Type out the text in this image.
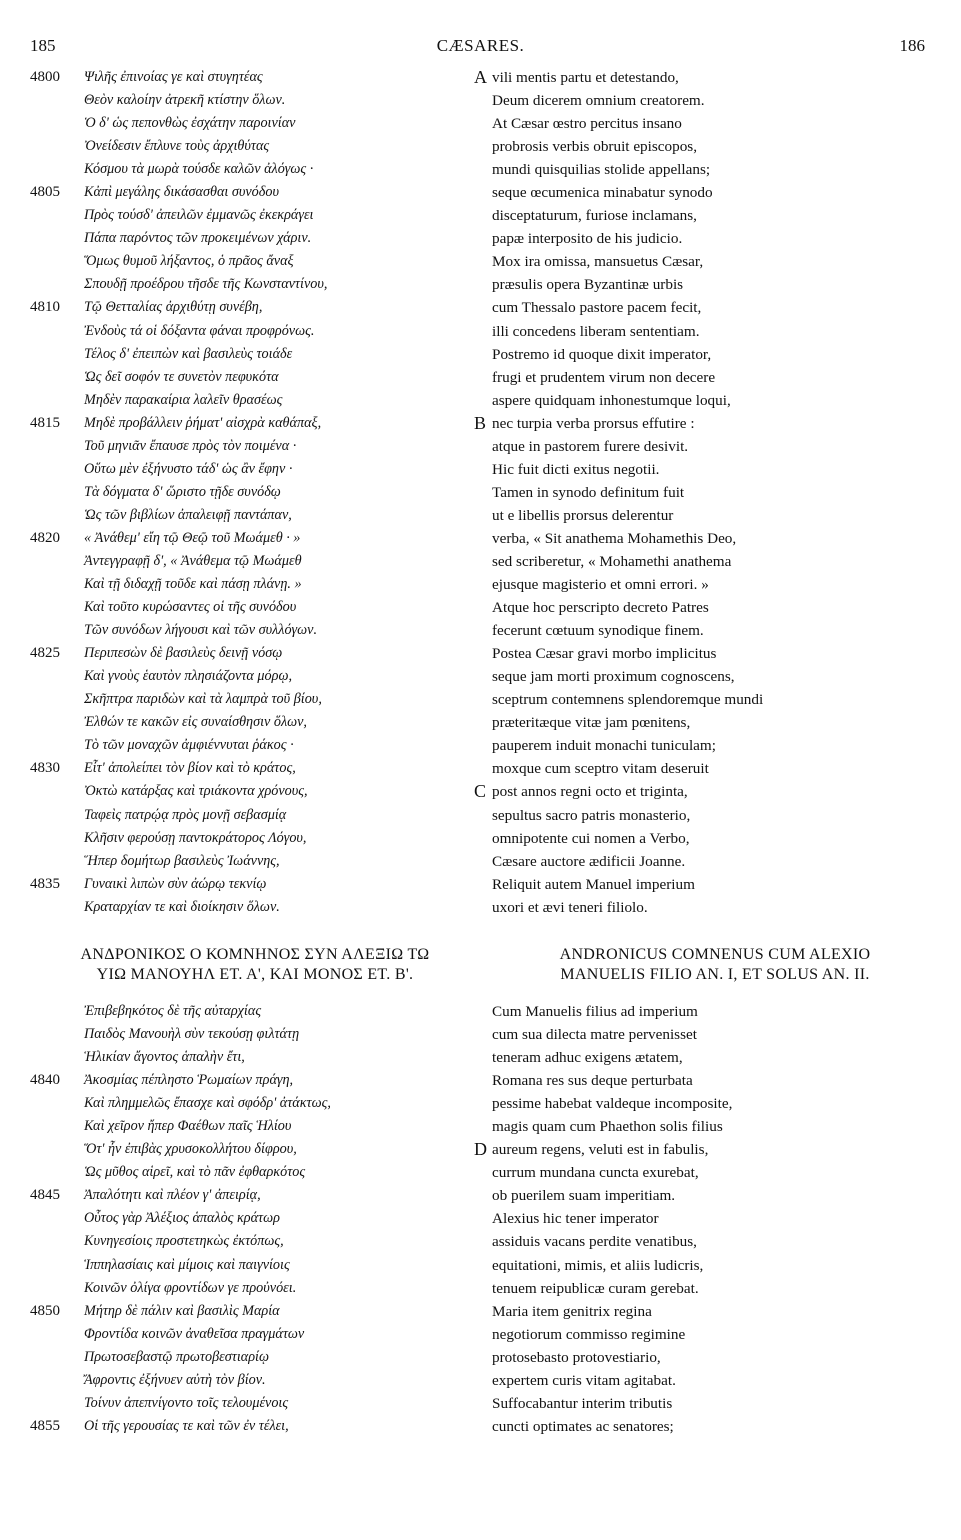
185	CÆSARES.	186
4800	Ψιλῆς ἐπινοίας γε καὶ στυγητέας
Θεὸν καλοίην ἀτρεκῆ κτίστην ὅλων.
Ὁ δ' ὡς πεπονθὼς ἐσχάτην παροινίαν
Ὀνείδεσιν ἔπλυνε τοὺς ἀρχιθύτας
Κόσμου τὰ μωρὰ τούσδε καλῶν ἀλόγως ·
4805	Κἀπὶ μεγάλης δικάσασθαι συνόδου
Πρὸς τούσδ' ἀπειλῶν ἐμμανῶς ἐκεκράγει
Πάπα παρόντος τῶν προκειμένων χάριν.
Ὅμως θυμοῦ λήξαντος, ὁ πρᾶος ἄναξ
Σπουδῇ προέδρου τῆσδε τῆς Κωνσταντίνου,
4810	Τῷ Θετταλίας ἀρχιθύτῃ συνέβη,
Ἐνδοὺς τά οἱ δόξαντα φάναι προφρόνως.
Τέλος δ' ἐπειπὼν καὶ βασιλεὺς τοιάδε
Ὡς δεῖ σοφόν τε συνετὸν πεφυκότα
Μηδὲν παρακαίρια λαλεῖν θρασέως
4815	Μηδὲ προβάλλειν ῥήματ' αἰσχρὰ καθάπαξ,
Τοῦ μηνιᾶν ἔπαυσε πρὸς τὸν ποιμένα ·
Οὕτω μὲν ἐξήνυστο τάδ' ὡς ἂν ἔφην ·
Τὰ δόγματα δ' ὥριστο τῇδε συνόδῳ
Ὡς τῶν βιβλίων ἀπαλειφῇ παντάπαν,
4820	« Ἀνάθεμ' εἴη τῷ Θεῷ τοῦ Μωάμεθ · »
Ἀντεγγραφῇ δ', « Ἀνάθεμα τῷ Μωάμεθ
Καὶ τῇ διδαχῇ τοῦδε καὶ πάσῃ πλάνῃ. »
Καὶ τοῦτο κυρώσαντες οἱ τῆς συνόδου
Τῶν συνόδων λήγουσι καὶ τῶν συλλόγων.
4825	Περιπεσὼν δὲ βασιλεὺς δεινῇ νόσῳ
Καὶ γνοὺς ἑαυτὸν πλησιάζοντα μόρῳ,
Σκῆπτρα παριδὼν καὶ τὰ λαμπρὰ τοῦ βίου,
Ἐλθών τε κακῶν εἰς συναίσθησιν ὅλων,
Τὸ τῶν μοναχῶν ἀμφιέννυται ῥάκος ·
4830	Εἶτ' ἀπολείπει τὸν βίον καὶ τὸ κράτος,
Ὀκτὼ κατάρξας καὶ τριάκοντα χρόνους,
Ταφεὶς πατρῴᾳ πρὸς μονῇ σεβασμίᾳ
Κλῆσιν φερούσῃ παντοκράτορος Λόγου,
Ἥπερ δομήτωρ βασιλεὺς Ἰωάννης,
4835	Γυναικὶ λιπὼν σὺν ἀώρῳ τεκνίῳ
Κραταρχίαν τε καὶ διοίκησιν ὅλων.
A vili mentis partu et detestando,
Deum dicerem omnium creatorem.
At Cæsar œstro percitus insano
probrosis verbis obruit episcopos,
mundi quisquilias stolide appellans;
seque œcumenica minabatur synodo
disceptaturum, furiose inclamans,
papæ interposito de his judicio.
Mox ira omissa, mansuetus Cæsar,
præsulis opera Byzantinæ urbis
cum Thessalo pastore pacem fecit,
illi concedens liberam sententiam.
Postremo id quoque dixit imperator,
frugi et prudentem virum non decere
aspere quidquam inhonestumque loqui,
B nec turpia verba prorsus effutire :
atque in pastorem furere desivit.
Hic fuit dicti exitus negotii.
Tamen in synodo definitum fuit
ut e libellis prorsus delerentur
verba, « Sit anathema Mohamethis Deo,
sed scriberetur, « Mohamethi anathema
ejusque magisterio et omni errori. »
Atque hoc perscripto decreto Patres
fecerunt cœtuum synodique finem.
Postea Cæsar gravi morbo implicitus
seque jam morti proximum cognoscens,
sceptrum contemnens splendoremque mundi
præteritæque vitæ jam pœnitens,
pauperem induit monachi tuniculam;
moxque cum sceptro vitam deseruit
C post annos regni octo et triginta,
sepultus sacro patris monasterio,
omnipotente cui nomen a Verbo,
Cæsare auctore ædificii Joanne.
Reliquit autem Manuel imperium
uxori et ævi teneri filiolo.
ΑΝΔΡΟΝΙΚΟΣ Ο ΚΟΜΝΗΝΟΣ ΣΥΝ ΑΛΕΞΙΩ ΤΩ
ΥΙΩ ΜΑΝΟΥΗΛ ΕΤ. Α', ΚΑΙ ΜΟΝΟΣ ΕΤ. Β'.
ANDRONICUS COMNENUS CUM ALEXIO
MANUELIS FILIO AN. I, ET SOLUS AN. II.
Ἐπιβεβηκότος δὲ τῆς αὐταρχίας
Παιδὸς Μανουὴλ σὺν τεκούσῃ φιλτάτῃ
Ἡλικίαν ἄγοντος ἁπαλὴν ἔτι,
4840	Ἀκοσμίας πέπληστο Ῥωμαίων πράγη,
Καὶ πλημμελῶς ἔπασχε καὶ σφόδρ' ἀτάκτως,
Καὶ χεῖρον ἤπερ Φαέθων παῖς Ἡλίου
Ὅτ' ἦν ἐπιβὰς χρυσοκολλήτου δίφρου,
Ὡς μῦθος αἱρεῖ, καὶ τὸ πᾶν ἐφθαρκότος
4845	Ἀπαλότητι καὶ πλέον γ' ἀπειρίᾳ,
Οὗτος γὰρ Ἀλέξιος ἁπαλὸς κράτωρ
Κυνηγεσίοις προστετηκὼς ἐκτόπως,
Ἱππηλασίαις καὶ μίμοις καὶ παιγνίοις
Κοινῶν ὀλίγα φροντίδων γε προὐνόει.
4850	Μήτηρ δὲ πάλιν καὶ βασιλὶς Μαρία
Φροντίδα κοινῶν ἀναθεῖσα πραγμάτων
Πρωτοσεβαστῷ πρωτοβεστιαρίῳ
Ἄφροντις ἐξήνυεν αὐτὴ τὸν βίον.
Τοίνυν ἀπεπνίγοντο τοῖς τελουμένοις
4855	Οἱ τῆς γερουσίας τε καὶ τῶν ἐν τέλει,
Cum Manuelis filius ad imperium
cum sua dilecta matre pervenisset
teneram adhuc exigens ætatem,
Romana res sus deque perturbata
pessime habebat valdeque incomposite,
magis quam cum Phaethon solis filius
D aureum regens, veluti est in fabulis,
currum mundana cuncta exurebat,
ob puerilem suam imperitiam.
Alexius hic tener imperator
assiduis vacans perdite venatibus,
equitationi, mimis, et aliis ludicris,
tenuem reipublicæ curam gerebat.
Maria item genitrix regina
negotiorum commisso regimine
protosebasto protovestiario,
expertem curis vitam agitabat.
Suffocabantur interim tributis
cuncti optimates ac senatores;
